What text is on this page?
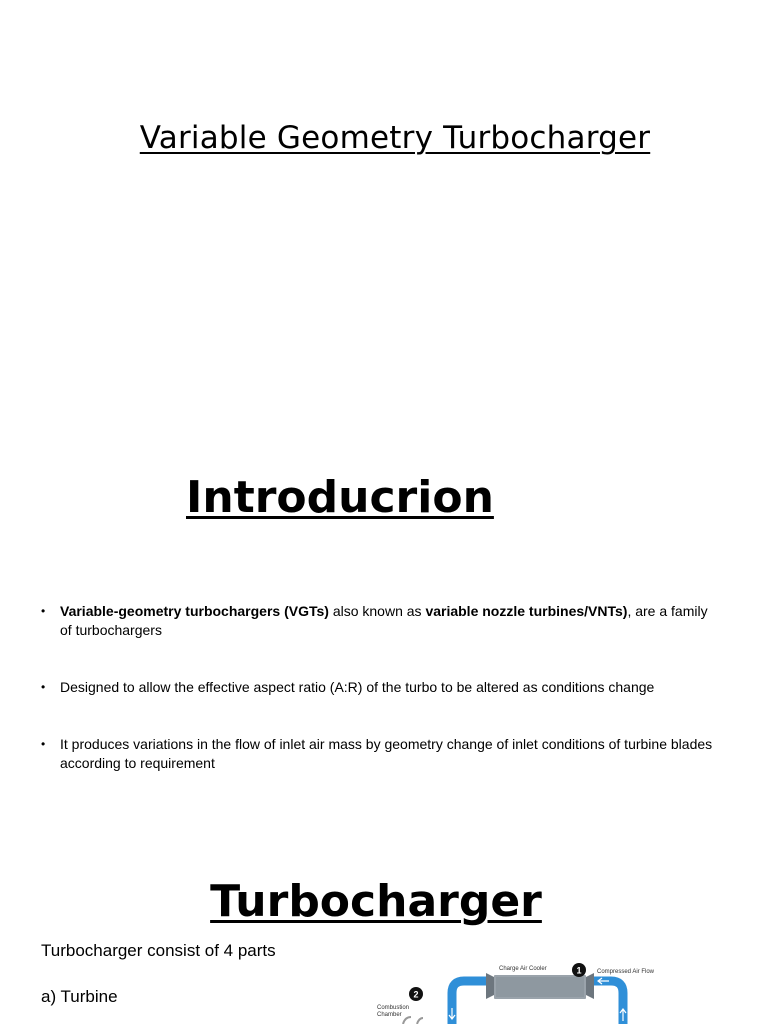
Variable Geometry Turbocharger
Introducrion
• Variable-geometry turbochargers (VGTs) also known as variable nozzle turbines/VNTs), are a family of turbochargers
• Designed to allow the effective aspect ratio (A:R) of the turbo to be altered as conditions change
• It produces variations in the flow of inlet air mass by geometry change of inlet conditions of turbine blades according to requirement
Turbocharger

Turbocharger consist of 4 parts

a) Turbine

Charge Air Cooler	Compressed Air Flow
Combustion
Chamber
1
2
